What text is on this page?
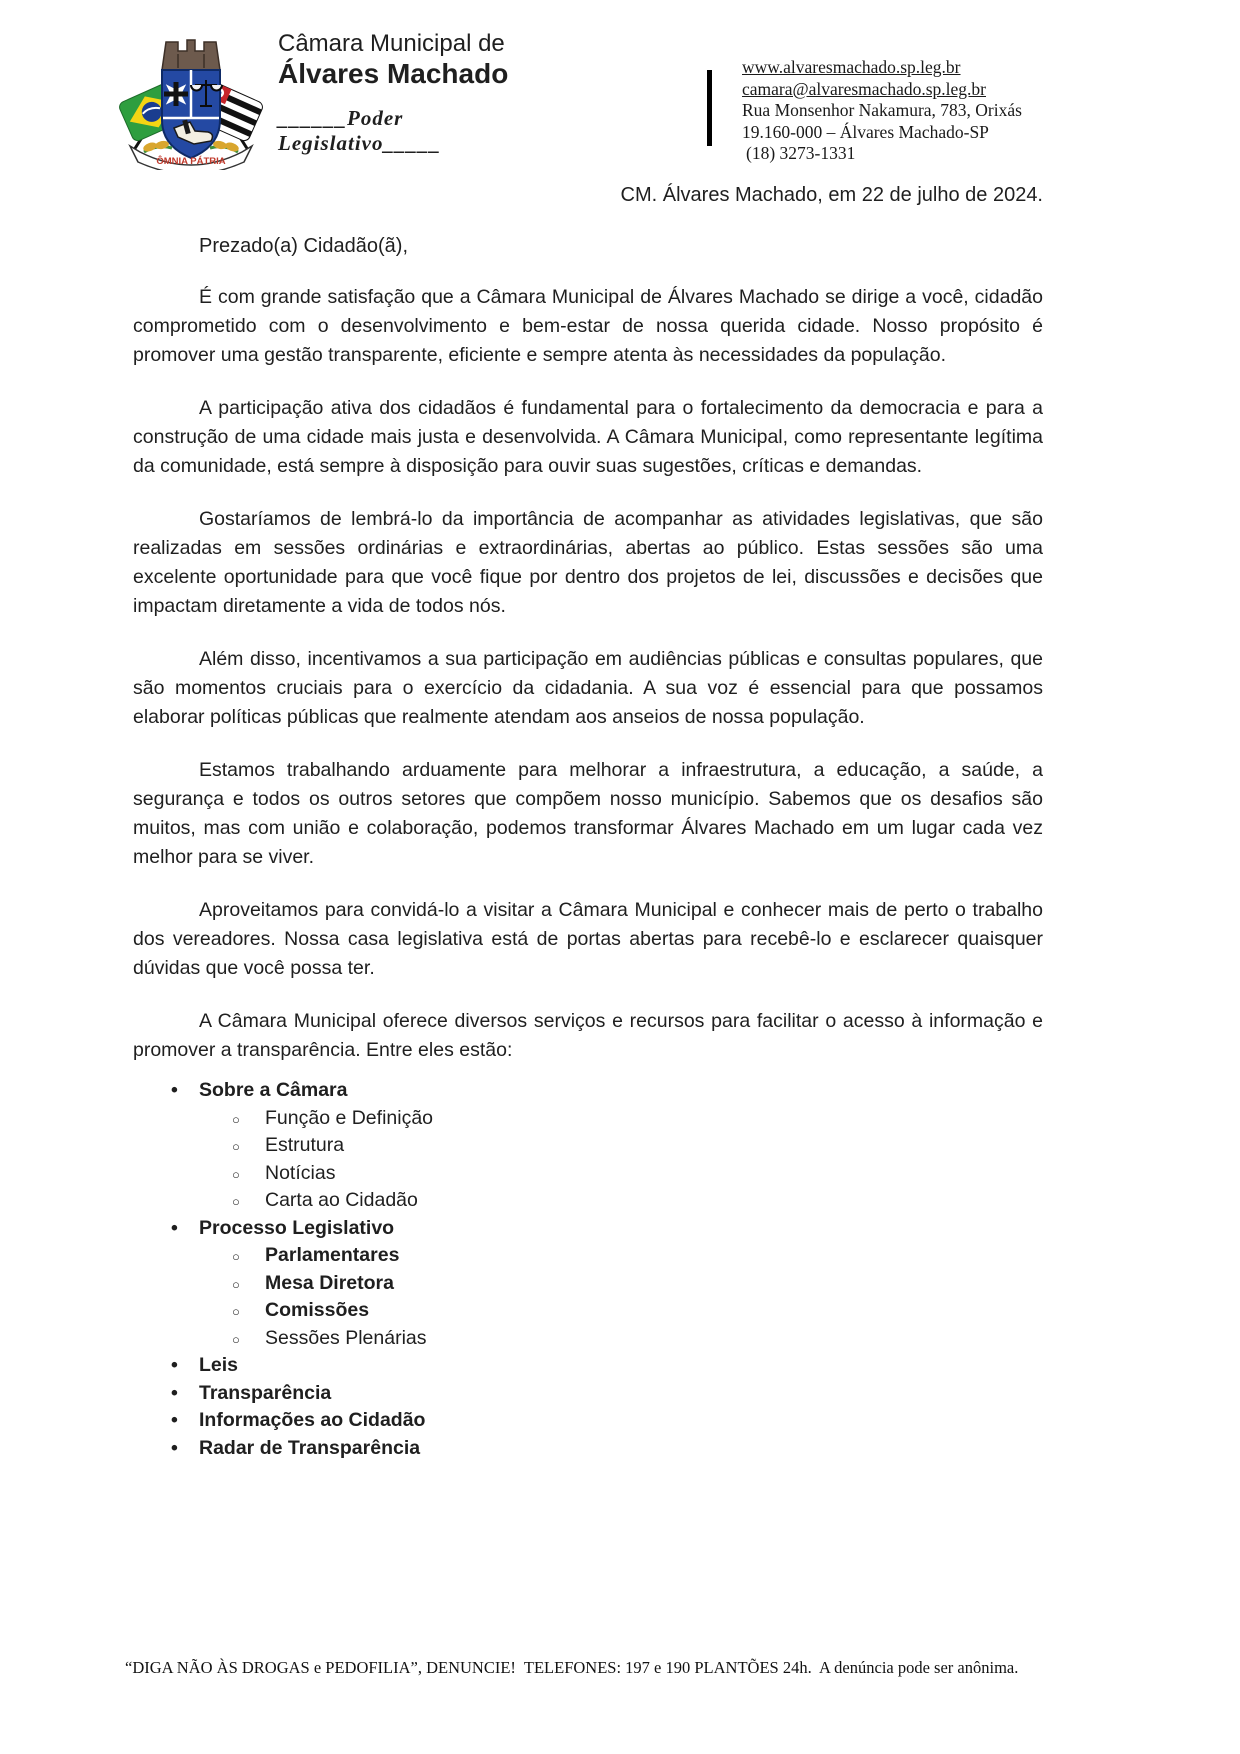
ÔMNIA PÁTRIA
Câmara Municipal de
Álvares Machado
______Poder Legislativo_____
www.alvaresmachado.sp.leg.br
camara@alvaresmachado.sp.leg.br
Rua Monsenhor Nakamura, 783, Orixás
19.160-000 – Álvares Machado-SP
(18) 3273-1331
CM. Álvares Machado, em 22 de julho de 2024.
Prezado(a) Cidadão(ã),

É com grande satisfação que a Câmara Municipal de Álvares Machado se dirige a você, cidadão comprometido com o desenvolvimento e bem-estar de nossa querida cidade. Nosso propósito é promover uma gestão transparente, eficiente e sempre atenta às necessidades da população.

A participação ativa dos cidadãos é fundamental para o fortalecimento da democracia e para a construção de uma cidade mais justa e desenvolvida. A Câmara Municipal, como representante legítima da comunidade, está sempre à disposição para ouvir suas sugestões, críticas e demandas.

Gostaríamos de lembrá-lo da importância de acompanhar as atividades legislativas, que são realizadas em sessões ordinárias e extraordinárias, abertas ao público. Estas sessões são uma excelente oportunidade para que você fique por dentro dos projetos de lei, discussões e decisões que impactam diretamente a vida de todos nós.

Além disso, incentivamos a sua participação em audiências públicas e consultas populares, que são momentos cruciais para o exercício da cidadania. A sua voz é essencial para que possamos elaborar políticas públicas que realmente atendam aos anseios de nossa população.

Estamos trabalhando arduamente para melhorar a infraestrutura, a educação, a saúde, a segurança e todos os outros setores que compõem nosso município. Sabemos que os desafios são muitos, mas com união e colaboração, podemos transformar Álvares Machado em um lugar cada vez melhor para se viver.

Aproveitamos para convidá-lo a visitar a Câmara Municipal e conhecer mais de perto o trabalho dos vereadores. Nossa casa legislativa está de portas abertas para recebê-lo e esclarecer quaisquer dúvidas que você possa ter.

A Câmara Municipal oferece diversos serviços e recursos para facilitar o acesso à informação e promover a transparência. Entre eles estão:

• Sobre a Câmara
○ Função e Definição
○ Estrutura
○ Notícias
○ Carta ao Cidadão
• Processo Legislativo
○ Parlamentares
○ Mesa Diretora
○ Comissões
○ Sessões Plenárias
• Leis
• Transparência
• Informações ao Cidadão
• Radar de Transparência
“DIGA NÃO ÀS DROGAS e PEDOFILIA”, DENUNCIE!  TELEFONES: 197 e 190 PLANTÕES 24h.  A denúncia pode ser anônima.
